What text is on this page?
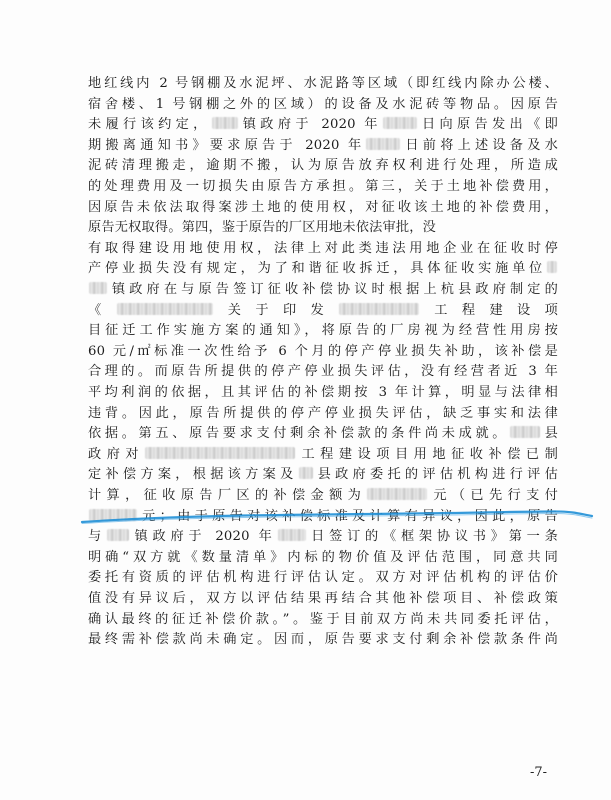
地红线内 2 号钢棚及水泥坪、水泥路等区域（即红线内除办公楼、
宿舍楼、1 号钢棚之外的区域）的设备及水泥砖等物品。因原告
未履行该约定， 镇政府于 2020 年	日向原告发出《即
期搬离通知书》要求原告于 2020 年	日前将上述设备及水
泥砖清理搬走，逾期不搬，认为原告放弃权利进行处理，所造成
的处理费用及一切损失由原告方承担。第三，关于土地补偿费用，
因原告未依法取得案涉土地的使用权，对征收该土地的补偿费用，
原告无权取得。第四，鉴于原告的厂区用地未依法审批，没
有取得建设用地使用权，法律上对此类违法用地企业在征收时停
产停业损失没有规定，为了和谐征收拆迁，具体征收实施单位
镇政府在与原告签订征收补偿协议时根据上杭县政府制定的
《	关于印发	工程建设项
目征迁工作实施方案的通知》，将原告的厂房视为经营性用房按
60 元/㎡标准一次性给予 6 个月的停产停业损失补助，该补偿是
合理的。而原告所提供的停产停业损失评估，没有经营者近 3 年
平均利润的依据，且其评估的补偿期按 3 年计算，明显与法律相
违背。因此，原告所提供的停产停业损失评估，缺乏事实和法律
依据。第五、原告要求支付剩余补偿款的条件尚未成就。 县
政府对	工程建设项目用地征收补偿已制
定补偿方案，根据该方案及 县政府委托的评估机构进行评估
计算，征收原告厂区的补偿金额为	元（已先行支付
元；由于原告对该补偿标准及计算有异议，因此，原告
与 镇政府于 2020 年 日签订的《框架协议书》第一条
明确“双方就《数量清单》内标的物价值及评估范围，同意共同
委托有资质的评估机构进行评估认定。双方对评估机构的评估价
值没有异议后，双方以评估结果再结合其他补偿项目、补偿政策
确认最终的征迁补偿价款。”。鉴于目前双方尚未共同委托评估，
最终需补偿款尚未确定。因而，原告要求支付剩余补偿款条件尚
-7-
